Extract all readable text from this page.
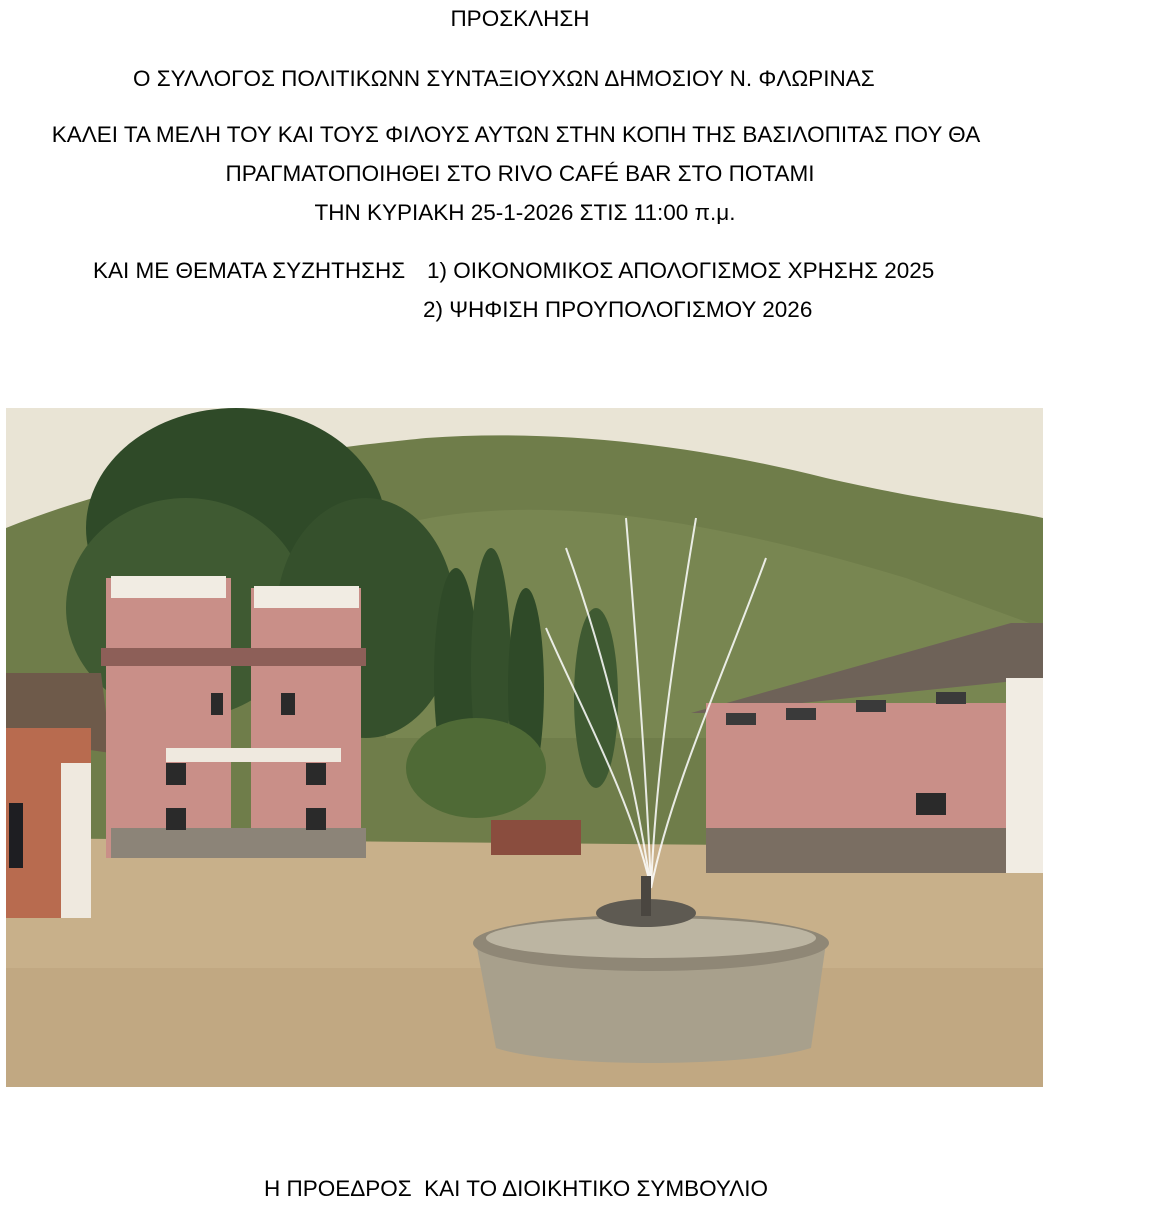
ΠΡΟΣΚΛΗΣΗ
Ο ΣΥΛΛΟΓΟΣ ΠΟΛΙΤΙΚΩΝΝ ΣΥΝΤΑΞΙΟΥΧΩΝ ΔΗΜΟΣΙΟΥ Ν. ΦΛΩΡΙΝΑΣ
ΚΑΛΕΙ ΤΑ ΜΕΛΗ ΤΟΥ ΚΑΙ ΤΟΥΣ ΦΙΛΟΥΣ ΑΥΤΩΝ ΣΤΗΝ ΚΟΠΗ ΤΗΣ ΒΑΣΙΛΟΠΙΤΑΣ ΠΟΥ ΘΑ
ΠΡΑΓΜΑΤΟΠΟΙΗΘΕΙ ΣΤΟ RIVO CAFÉ BAR ΣΤΟ ΠΟΤΑΜΙ
ΤΗΝ ΚΥΡΙΑΚΗ 25-1-2026 ΣΤΙΣ 11:00 π.μ.
ΚΑΙ ΜΕ ΘΕΜΑΤΑ ΣΥΖΗΤΗΣΗΣ 1) ΟΙΚΟΝΟΜΙΚΟΣ ΑΠΟΛΟΓΙΣΜΟΣ ΧΡΗΣΗΣ 2025
2) ΨΗΦΙΣΗ ΠΡΟΥΠΟΛΟΓΙΣΜΟΥ 2026
Η ΠΡΟΕΔΡΟΣ  ΚΑΙ ΤΟ ΔΙΟΙΚΗΤΙΚΟ ΣΥΜΒΟΥΛΙΟ
